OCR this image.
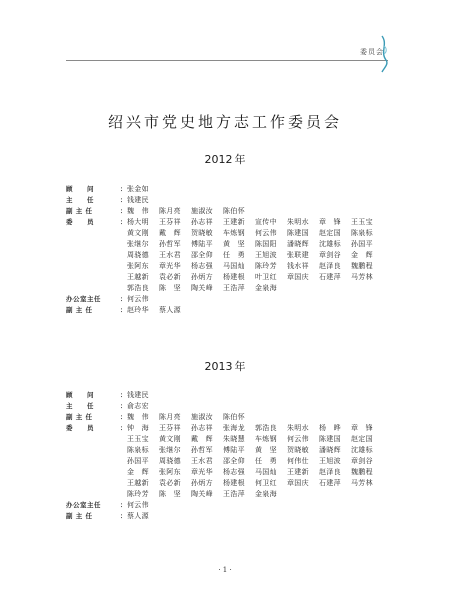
委员会
绍兴市党史地方志工作委员会
2012 年
顾　　问	： 张金如
主　　任	： 钱建民
副 主 任	： 魏　伟	陈月亮	施淑汝	陈伯怀
委　　员	： 杨大明	王芬祥	孙志祥	王建新	宣传中	朱明水	章　锋	王玉宝
黄文刚	戴　辉	贺晓敏	车炼钢	何云伟	陈建国	赵定国	陈泉标
张继尔	孙哲军	傅陆平	黄　坚	陈国阳	潘晓辉	沈雄标	孙国平
周骁德	王水君	邵全仰	任　勇	王旭波	张联建	章剑谷	金　辉
张阿东	章光华	杨志强	马国灿	陈玲芳	钱水祥	赵泽良	魏鹏程
王越新	袁必新	孙炳方	杨建根	叶卫红	章国庆	石建萍	马芳林
郭浩良	陈　坚	陶关峰	王浩萍	金泉海
办公室主任	： 何云伟
副 主 任	： 赵玲华	蔡人源
2013 年
顾　　问	： 钱建民
主　　任	： 俞志宏
副 主 任	： 魏　伟	陈月亮	施淑汝	陈伯怀
委　　员	： 钟　海	王芬祥	孙志祥	张海龙	郭浩良	朱明水	杨　晔	章　锋
王玉宝	黄文刚	戴　辉	朱晓慧	车炼钢	何云伟	陈建国	赵定国
陈泉标	张继尔	孙哲军	傅陆平	黄　坚	贺晓敏	潘晓辉	沈雄标
孙国平	周骁德	王水君	邵全仰	任　勇	何伟仕	王旭波	章剑谷
金　辉	张阿东	章光华	杨志强	马国灿	王建新	赵泽良	魏鹏程
王越新	袁必新	孙炳方	杨建根	何卫红	章国庆	石建萍	马芳林
陈玲芳	陈　坚	陶关峰	王浩萍	金泉海
办公室主任	： 何云伟
副 主 任	： 蔡人源
· 1 ·
